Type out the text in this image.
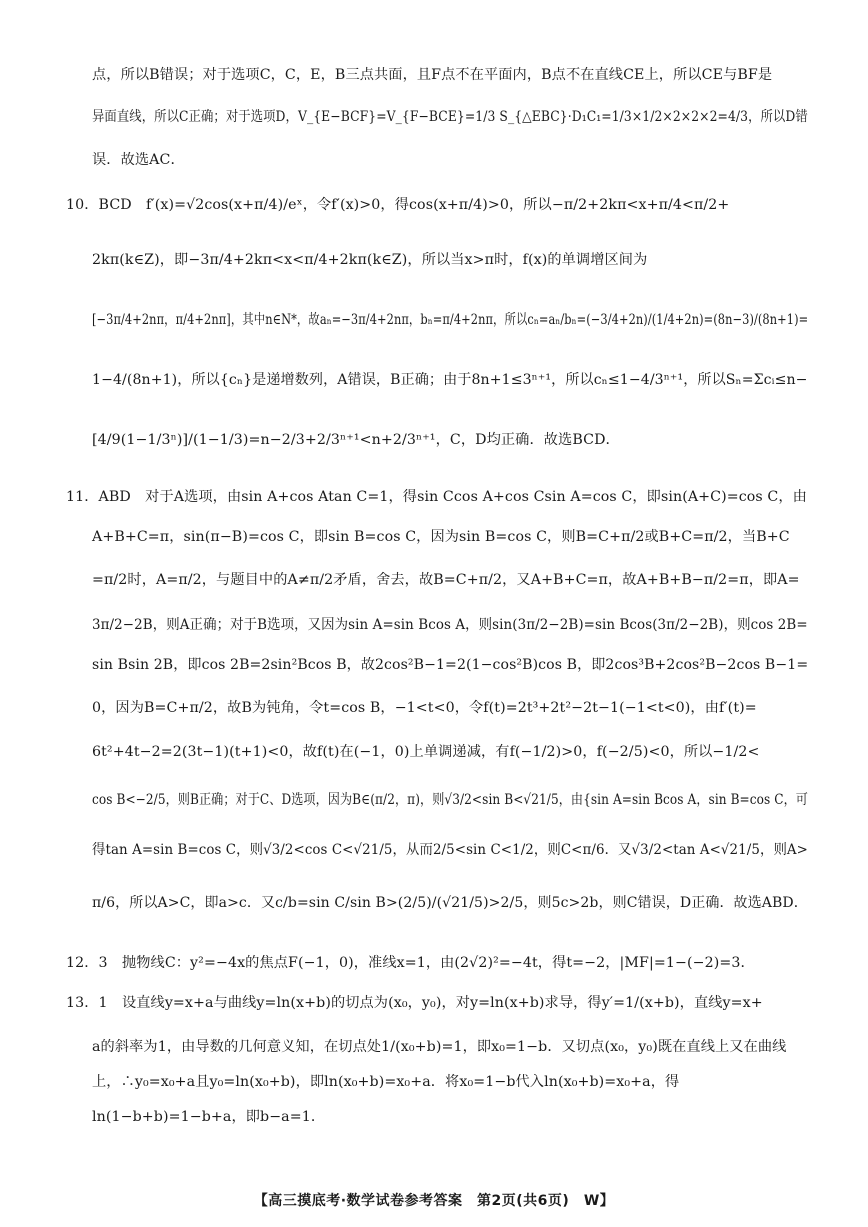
点，所以B错误；对于选项C，C，E，B三点共面，且F点不在平面内，B点不在直线CE上，所以CE与BF是
异面直线，所以C正确；对于选项D，V_{E−BCF}=V_{F−BCE}=1/3 S_{△EBC}·D₁C₁=1/3×1/2×2×2×2=4/3，所以D错
误．故选AC．
10．BCD　f′(x)=√2cos(x+π/4)/eˣ，令f′(x)>0，得cos(x+π/4)>0，所以−π/2+2kπ<x+π/4<π/2+
2kπ(k∈Z)，即−3π/4+2kπ<x<π/4+2kπ(k∈Z)，所以当x>π时，f(x)的单调增区间为
[−3π/4+2nπ，π/4+2nπ]，其中n∈N*，故aₙ=−3π/4+2nπ，bₙ=π/4+2nπ，所以cₙ=aₙ/bₙ=(−3/4+2n)/(1/4+2n)=(8n−3)/(8n+1)=
1−4/(8n+1)，所以{cₙ}是递增数列，A错误，B正确；由于8n+1≤3ⁿ⁺¹，所以cₙ≤1−4/3ⁿ⁺¹，所以Sₙ=Σcᵢ≤n−
[4/9(1−1/3ⁿ)]/(1−1/3)=n−2/3+2/3ⁿ⁺¹<n+2/3ⁿ⁺¹，C，D均正确．故选BCD．
11．ABD　对于A选项，由sin A+cos Atan C=1，得sin Ccos A+cos Csin A=cos C，即sin(A+C)=cos C，由
A+B+C=π，sin(π−B)=cos C，即sin B=cos C，因为sin B=cos C，则B=C+π/2或B+C=π/2，当B+C
=π/2时，A=π/2，与题目中的A≠π/2矛盾，舍去，故B=C+π/2，又A+B+C=π，故A+B+B−π/2=π，即A=
3π/2−2B，则A正确；对于B选项，又因为sin A=sin Bcos A，则sin(3π/2−2B)=sin Bcos(3π/2−2B)，则cos 2B=
sin Bsin 2B，即cos 2B=2sin²Bcos B，故2cos²B−1=2(1−cos²B)cos B，即2cos³B+2cos²B−2cos B−1=
0，因为B=C+π/2，故B为钝角，令t=cos B，−1<t<0，令f(t)=2t³+2t²−2t−1(−1<t<0)，由f′(t)=
6t²+4t−2=2(3t−1)(t+1)<0，故f(t)在(−1，0)上单调递减，有f(−1/2)>0，f(−2/5)<0，所以−1/2<
cos B<−2/5，则B正确；对于C、D选项，因为B∈(π/2，π)，则√3/2<sin B<√21/5，由{sin A=sin Bcos A，sin B=cos C，可
得tan A=sin B=cos C，则√3/2<cos C<√21/5，从而2/5<sin C<1/2，则C<π/6．又√3/2<tan A<√21/5，则A>
π/6，所以A>C，即a>c．又c/b=sin C/sin B>(2/5)/(√21/5)>2/5，则5c>2b，则C错误，D正确．故选ABD．
12．3　抛物线C：y²=−4x的焦点F(−1，0)，准线x=1，由(2√2)²=−4t，得t=−2，|MF|=1−(−2)=3．
13．1　设直线y=x+a与曲线y=ln(x+b)的切点为(x₀，y₀)，对y=ln(x+b)求导，得y′=1/(x+b)，直线y=x+
a的斜率为1，由导数的几何意义知，在切点处1/(x₀+b)=1，即x₀=1−b．又切点(x₀，y₀)既在直线上又在曲线
上，∴y₀=x₀+a且y₀=ln(x₀+b)，即ln(x₀+b)=x₀+a．将x₀=1−b代入ln(x₀+b)=x₀+a，得
ln(1−b+b)=1−b+a，即b−a=1．
【高三摸底考·数学试卷参考答案　第2页(共6页)　W】
